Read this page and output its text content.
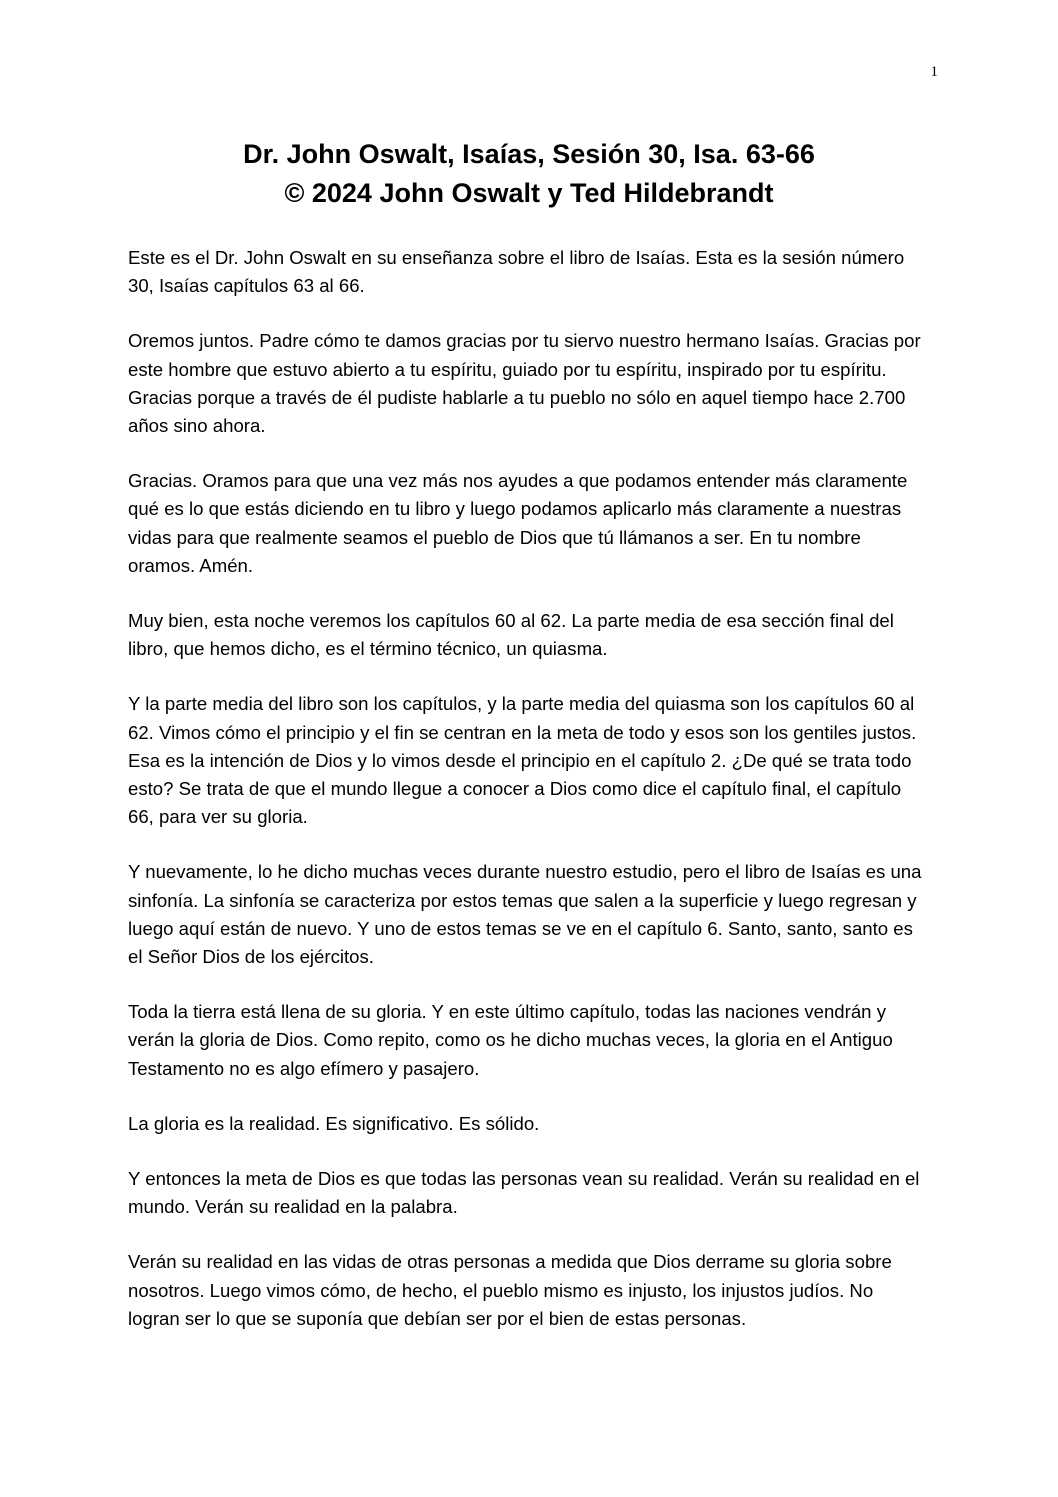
1
Dr. John Oswalt, Isaías, Sesión 30, Isa. 63-66
© 2024 John Oswalt y Ted Hildebrandt

Este es el Dr. John Oswalt en su enseñanza sobre el libro de Isaías. Esta es la sesión número 30, Isaías capítulos 63 al 66.

Oremos juntos. Padre cómo te damos gracias por tu siervo nuestro hermano Isaías. Gracias por este hombre que estuvo abierto a tu espíritu, guiado por tu espíritu, inspirado por tu espíritu. Gracias porque a través de él pudiste hablarle a tu pueblo no sólo en aquel tiempo hace 2.700 años sino ahora.

Gracias. Oramos para que una vez más nos ayudes a que podamos entender más claramente qué es lo que estás diciendo en tu libro y luego podamos aplicarlo más claramente a nuestras vidas para que realmente seamos el pueblo de Dios que tú llámanos a ser. En tu nombre oramos. Amén.

Muy bien, esta noche veremos los capítulos 60 al 62. La parte media de esa sección final del libro, que hemos dicho, es el término técnico, un quiasma.

Y la parte media del libro son los capítulos, y la parte media del quiasma son los capítulos 60 al 62. Vimos cómo el principio y el fin se centran en la meta de todo y esos son los gentiles justos. Esa es la intención de Dios y lo vimos desde el principio en el capítulo 2. ¿De qué se trata todo esto? Se trata de que el mundo llegue a conocer a Dios como dice el capítulo final, el capítulo 66, para ver su gloria.

Y nuevamente, lo he dicho muchas veces durante nuestro estudio, pero el libro de Isaías es una sinfonía. La sinfonía se caracteriza por estos temas que salen a la superficie y luego regresan y luego aquí están de nuevo. Y uno de estos temas se ve en el capítulo 6. Santo, santo, santo es el Señor Dios de los ejércitos.

Toda la tierra está llena de su gloria. Y en este último capítulo, todas las naciones vendrán y verán la gloria de Dios. Como repito, como os he dicho muchas veces, la gloria en el Antiguo Testamento no es algo efímero y pasajero.

La gloria es la realidad. Es significativo. Es sólido.

Y entonces la meta de Dios es que todas las personas vean su realidad. Verán su realidad en el mundo. Verán su realidad en la palabra.

Verán su realidad en las vidas de otras personas a medida que Dios derrame su gloria sobre nosotros. Luego vimos cómo, de hecho, el pueblo mismo es injusto, los injustos judíos. No logran ser lo que se suponía que debían ser por el bien de estas personas.
